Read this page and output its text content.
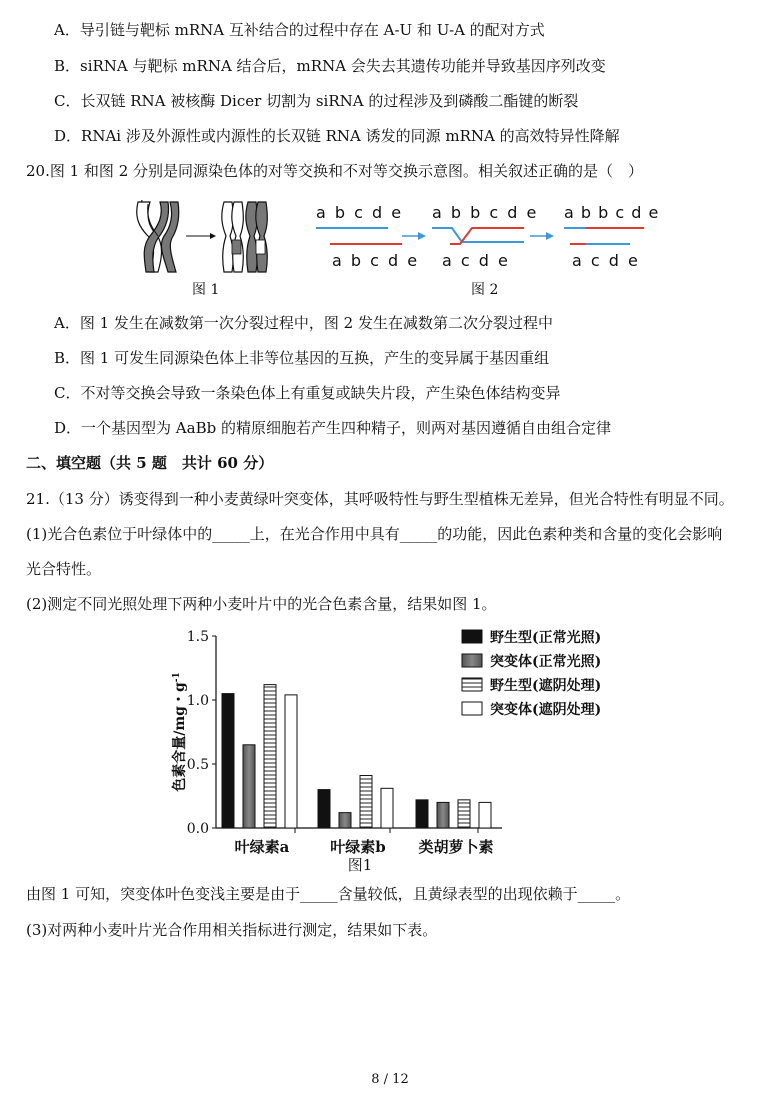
A．导引链与靶标 mRNA 互补结合的过程中存在 A-U 和 U-A 的配对方式
B．siRNA 与靶标 mRNA 结合后，mRNA 会失去其遗传功能并导致基因序列改变
C．长双链 RNA 被核酶 Dicer 切割为 siRNA 的过程涉及到磷酸二酯键的断裂
D．RNAi 涉及外源性或内源性的长双链 RNA 诱发的同源 mRNA 的高效特异性降解
20.图 1 和图 2 分别是同源染色体的对等交换和不对等交换示意图。相关叙述正确的是（　）
图 1
a b c d e
a b c d e
a b b c d e
a c d e
a b b c d e
a c d e
图 2
A．图 1 发生在减数第一次分裂过程中，图 2 发生在减数第二次分裂过程中
B．图 1 可发生同源染色体上非等位基因的互换，产生的变异属于基因重组
C．不对等交换会导致一条染色体上有重复或缺失片段，产生染色体结构变异
D．一个基因型为 AaBb 的精原细胞若产生四种精子，则两对基因遵循自由组合定律
二、填空题（共 5 题　共计 60 分）
21.（13 分）诱变得到一种小麦黄绿叶突变体，其呼吸特性与野生型植株无差异，但光合特性有明显不同。
(1)光合色素位于叶绿体中的_____上，在光合作用中具有_____的功能，因此色素种类和含量的变化会影响
光合特性。
(2)测定不同光照处理下两种小麦叶片中的光合色素含量，结果如图 1。
0.0
0.5
1.0
1.5
色素含量/mg・$g^{-1}$
叶绿素a	叶绿素b 类胡萝卜素
图1
野生型(正常光照)
突变体(正常光照)
野生型(遮阴处理)
突变体(遮阴处理)
由图 1 可知，突变体叶色变浅主要是由于_____含量较低，且黄绿表型的出现依赖于_____。
(3)对两种小麦叶片光合作用相关指标进行测定，结果如下表。
8 / 12
